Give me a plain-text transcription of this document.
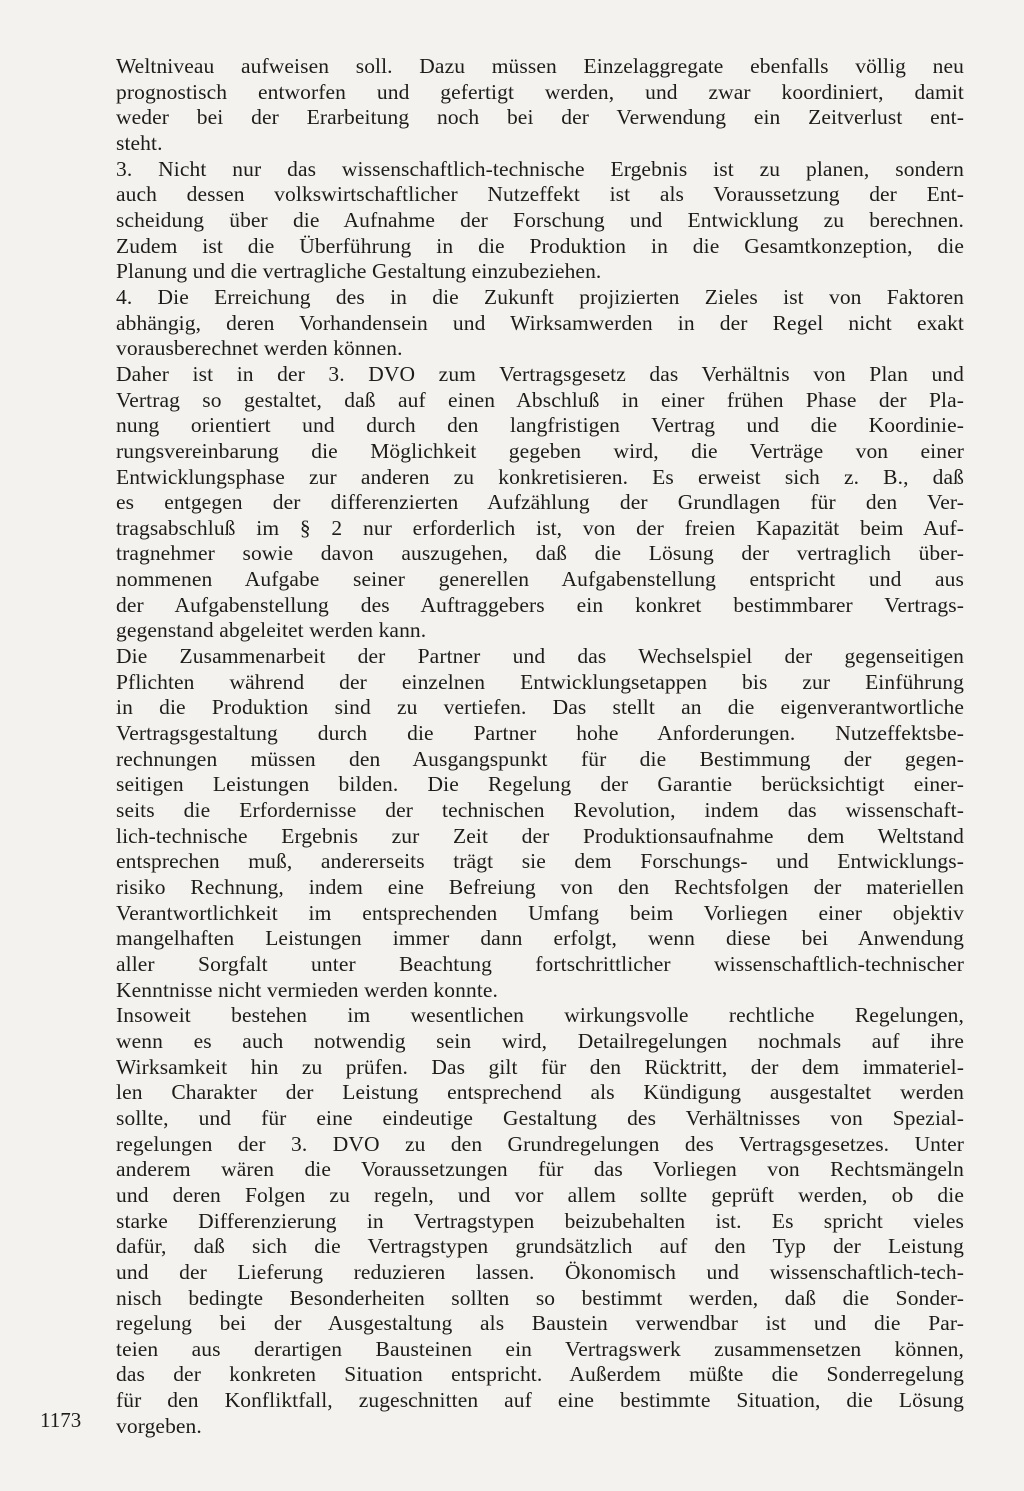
Weltniveau aufweisen soll. Dazu müssen Einzelaggregate ebenfalls völlig neu
prognostisch entworfen und gefertigt werden, und zwar koordiniert, damit
weder bei der Erarbeitung noch bei der Verwendung ein Zeitverlust ent-
steht.
3. Nicht nur das wissenschaftlich-technische Ergebnis ist zu planen, sondern
auch dessen volkswirtschaftlicher Nutzeffekt ist als Voraussetzung der Ent-
scheidung über die Aufnahme der Forschung und Entwicklung zu berechnen.
Zudem ist die Überführung in die Produktion in die Gesamtkonzeption, die
Planung und die vertragliche Gestaltung einzubeziehen.
4. Die Erreichung des in die Zukunft projizierten Zieles ist von Faktoren
abhängig, deren Vorhandensein und Wirksamwerden in der Regel nicht exakt
vorausberechnet werden können.
Daher ist in der 3. DVO zum Vertragsgesetz das Verhältnis von Plan und
Vertrag so gestaltet, daß auf einen Abschluß in einer frühen Phase der Pla-
nung orientiert und durch den langfristigen Vertrag und die Koordinie-
rungsvereinbarung die Möglichkeit gegeben wird, die Verträge von einer
Entwicklungsphase zur anderen zu konkretisieren. Es erweist sich z. B., daß
es entgegen der differenzierten Aufzählung der Grundlagen für den Ver-
tragsabschluß im § 2 nur erforderlich ist, von der freien Kapazität beim Auf-
tragnehmer sowie davon auszugehen, daß die Lösung der vertraglich über-
nommenen Aufgabe seiner generellen Aufgabenstellung entspricht und aus
der Aufgabenstellung des Auftraggebers ein konkret bestimmbarer Vertrags-
gegenstand abgeleitet werden kann.
Die Zusammenarbeit der Partner und das Wechselspiel der gegenseitigen
Pflichten während der einzelnen Entwicklungsetappen bis zur Einführung
in die Produktion sind zu vertiefen. Das stellt an die eigenverantwortliche
Vertragsgestaltung durch die Partner hohe Anforderungen. Nutzeffektsbe-
rechnungen müssen den Ausgangspunkt für die Bestimmung der gegen-
seitigen Leistungen bilden. Die Regelung der Garantie berücksichtigt einer-
seits die Erfordernisse der technischen Revolution, indem das wissenschaft-
lich-technische Ergebnis zur Zeit der Produktionsaufnahme dem Weltstand
entsprechen muß, andererseits trägt sie dem Forschungs- und Entwicklungs-
risiko Rechnung, indem eine Befreiung von den Rechtsfolgen der materiellen
Verantwortlichkeit im entsprechenden Umfang beim Vorliegen einer objektiv
mangelhaften Leistungen immer dann erfolgt, wenn diese bei Anwendung
aller Sorgfalt unter Beachtung fortschrittlicher wissenschaftlich-technischer
Kenntnisse nicht vermieden werden konnte.
Insoweit bestehen im wesentlichen wirkungsvolle rechtliche Regelungen,
wenn es auch notwendig sein wird, Detailregelungen nochmals auf ihre
Wirksamkeit hin zu prüfen. Das gilt für den Rücktritt, der dem immateriel-
len Charakter der Leistung entsprechend als Kündigung ausgestaltet werden
sollte, und für eine eindeutige Gestaltung des Verhältnisses von Spezial-
regelungen der 3. DVO zu den Grundregelungen des Vertragsgesetzes. Unter
anderem wären die Voraussetzungen für das Vorliegen von Rechtsmängeln
und deren Folgen zu regeln, und vor allem sollte geprüft werden, ob die
starke Differenzierung in Vertragstypen beizubehalten ist. Es spricht vieles
dafür, daß sich die Vertragstypen grundsätzlich auf den Typ der Leistung
und der Lieferung reduzieren lassen. Ökonomisch und wissenschaftlich-tech-
nisch bedingte Besonderheiten sollten so bestimmt werden, daß die Sonder-
regelung bei der Ausgestaltung als Baustein verwendbar ist und die Par-
teien aus derartigen Bausteinen ein Vertragswerk zusammensetzen können,
das der konkreten Situation entspricht. Außerdem müßte die Sonderregelung
für den Konfliktfall, zugeschnitten auf eine bestimmte Situation, die Lösung
vorgeben.
1173
